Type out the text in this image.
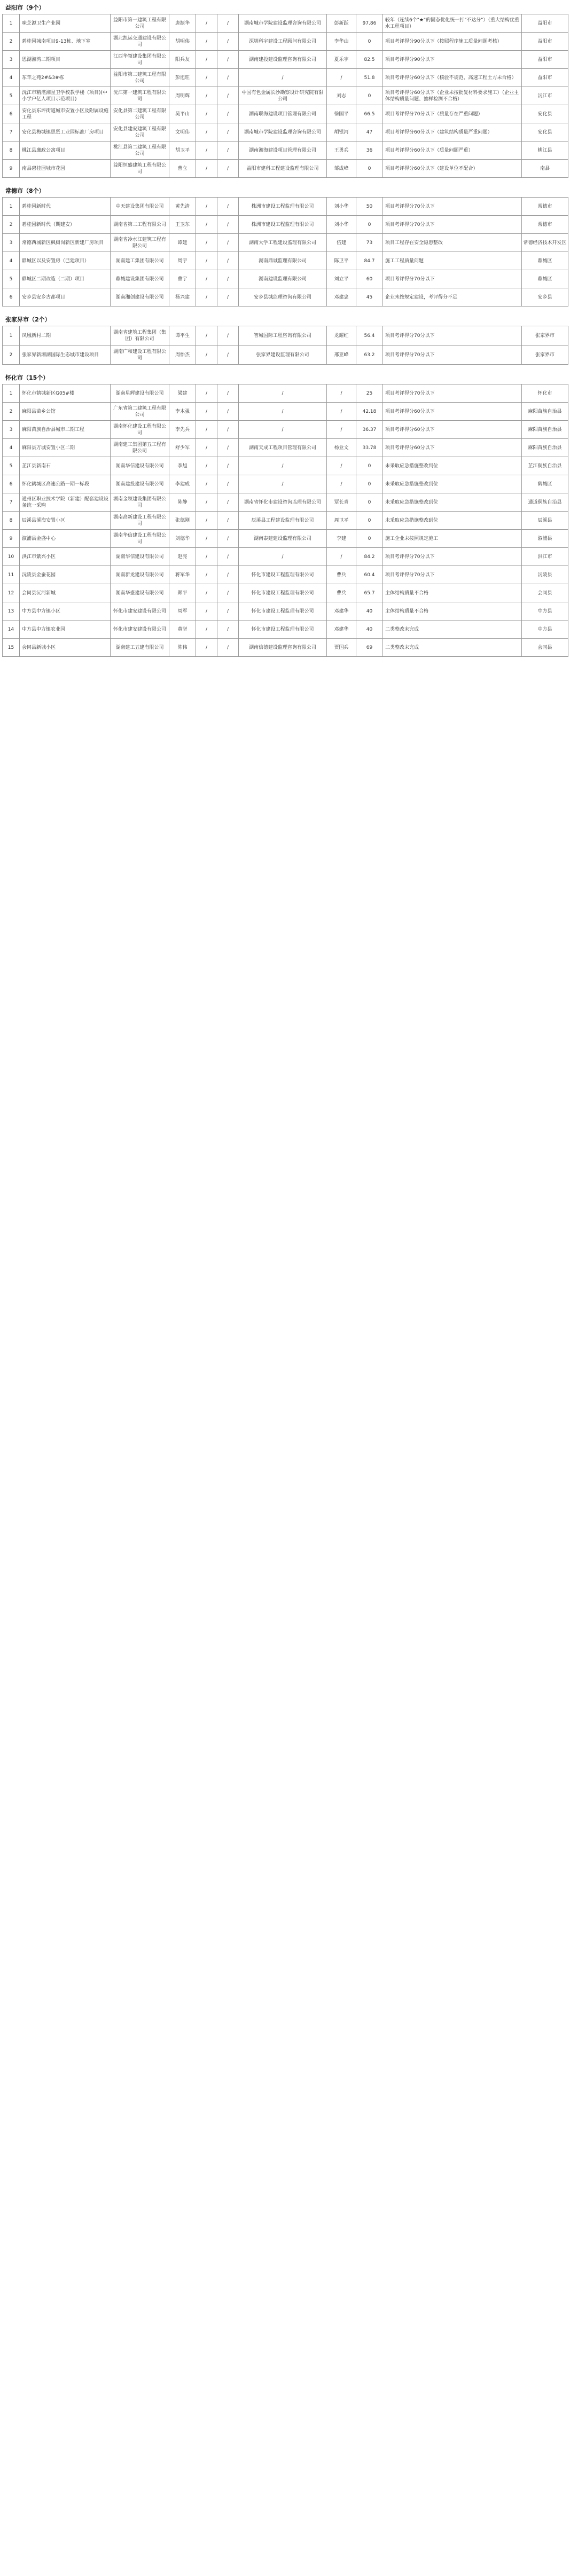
益阳市（9个）
1	味芝源卫生产业园	益阳市第一建筑工程有限公司	唐振华	/	/	湖南城市学院建设监理咨询有限公司	彭新跃	97.86	较年（连续6个"★"的固态优化统一打"不达分"）（重大结构优重水工程项目）	益阳市
2	碧桂园城南项目9-13栋、地下室	湖北凯运交通建设有限公司	胡明伟	/	/	深圳科宇建设工程顾问有限公司	李华山	0	项目考评得分90分以下（按照程序施工质量问题考核）	益阳市
3	恩湖湘湾二期项目	江西华领建设集团有限公司	阳兵友	/	/	湖南建投建设监理咨询有限公司	夏乐宇	82.5	项目考评得分90分以下	益阳市
4	东苹之苑2#&3#栋	益阳市第二建筑工程有限公司	彭旭旺	/	/	/	/	51.8	项目考评得分60分以下（核验不规范、高速工程土方未合格）	益阳市
5	沅江市精湛湘星卫学校教学楼（项目)(中小学户亿人项目示范项目)	沅江第一建筑工程有限公司	周明辉	/	/	中国有色金属长沙勘察设计研究院有限公司	刘志	0	项目考评得分60分以下（企业未按批复材料要求施工）（企业主体结构质量问题、抽样检测不合格）	沅江市
6	安化县东坪街道城市安置小区及附属设施工程	安化县第二建筑工程有限公司	吴平山	/	/	湖南联海建设项目管理有限公司	徐国平	66.5	项目考评得分70分以下（质量存在严重问题）	安化县
7	安化县梅城镇思贤工业园标准厂房项目	安化县建安建筑工程有限公司	文明伟	/	/	湖南城市学院建设监理咨询有限公司	胡银河	47	项目考评得分60分以下（建筑结构质量严重问题）	安化县
8	桃江县廉政公寓项目	桃江县第二建筑工程有限公司	胡卫平	/	/	湖南湘海建设项目管理有限公司	王勇兵	36	项目考评得分60分以下（质量问题严重）	桃江县
9	南县碧桂园城市花园	益阳恒盛建筑工程有限公司	曹立	/	/	益阳市建科工程建设监理有限公司	邹成峰	0	项目考评得分60分以下（建设单位不配合）	南县
常德市（8个）
1	碧桂园新时代	中天建设集团有限公司	黄先清	/	/	株洲市建设工程监理有限公司	刘小华	50	项目考评得分70分以下	常德市
2	碧桂园新时代（期建安）	湖南省第二工程有限公司	王卫东	/	/	株洲市建设工程监理有限公司	刘小华	0	项目考评得分70分以下	常德市
3	常德西城新区枫树岗新区新建厂房项目	湖南省冷水江建筑工程有限公司	谭建	/	/	湖南大学工程建设监理有限公司	伍建	73	项目工程存在安全隐患整改	常德经济技术开发区
4	鼎城区以及安置房（已建项目）	湖南建工集团有限公司	周宇	/	/	湖南鼎诚监理有限公司	陈卫平	84.7	施工工程质量问题	鼎城区
5	鼎城区二期改造（二期）项目	鼎城建设集团有限公司	曹宁	/	/	湖南建设监理有限公司	刘立平	60	项目考评得分70分以下	鼎城区
6	安乡县安乡古都项目	湖南湘创建设有限公司	杨兴建	/	/	安乡县城监理咨询有限公司	邓建忠	45	企业未按规定建设，考评得分不足	安乡县
张家界市（2个）
1	凤凰新村二期	湖南省建筑工程集团（集团）有限公司	谭平生	/	/	智城国际工程咨询有限公司	龙耀红	56.4	项目考评得分70分以下	张家界市
2	张家界新湘湖国际生态城市建设项目	湖南广和建设工程有限公司	周怡杰	/	/	张家界建设监理有限公司	邢亚峰	63.2	项目考评得分70分以下	张家界市
怀化市（15个）
1	怀化市鹤城新区G05#楼	湖南星辉建设有限公司	梁建	/	/	/	/	25	项目考评得分70分以下	怀化市
2	麻阳县苗乡公馆	广东省第二建筑工程有限公司	李木强	/	/	/	/	42.18	项目考评得分60分以下	麻阳苗族自治县
3	麻阳苗族自治县城市二期工程	湖南怀化建设工程有限公司	李先兵	/	/	/	/	36.37	项目考评得分60分以下	麻阳苗族自治县
4	麻阳县万城安置小区二期	湖南建工集团第五工程有限公司	舒少军	/	/	湖南天成工程项目管理有限公司	杨业文	33.78	项目考评得分60分以下	麻阳苗族自治县
5	芷江县新南石	湖南华信建设有限公司	李旭	/	/	/	/	0	未采取应急措施整改到位	芷江侗族自治县
6	怀化鹤城区高速公路一期一标段	湖南建投建设有限公司	李建成	/	/	/	/	0	未采取应急措施整改到位	鹤城区
7	通州区职业技术学院（新建）配套建设设备统一采购	湖南金领建设集团有限公司	陈静	/	/	湖南省怀化市建设咨询监理有限公司	覃长青	0	未采取应急措施整改到位	通道侗族自治县
8	辰溪县溪海安置小区	湖南高新建设工程有限公司	张德刚	/	/	辰溪县工程建设监理有限公司	周卫平	0	未采取应急措施整改到位	辰溪县
9	溆浦县金盛中心	湖南华信建设工程有限公司	刘德华	/	/	湖南泰建建设监理有限公司	李建	0	施工企业未按照规定施工	溆浦县
10	洪江市紫兴小区	湖南华信建设有限公司	赵亮	/	/	/	/	84.2	项目考评得分70分以下	洪江市
11	沅陵县金蚕花园	湖南新龙建设有限公司	蒋军华	/	/	怀化市建设工程监理有限公司	曹兵	60.4	项目考评得分70分以下	沅陵县
12	会同县沅河新城	湖南华盛建设有限公司	郑平	/	/	怀化市建设工程监理有限公司	曹兵	65.7	主体结构质量不合格	会同县
13	中方县中方镇小区	怀化市建安建设有限公司	周军	/	/	怀化市建设工程监理有限公司	邓建华	40	主体结构质量不合格	中方县
14	中方县中方镇农业园	怀化市建安建设有限公司	黄坚	/	/	怀化市建设工程监理有限公司	邓建华	40	二类整改未完成	中方县
15	会同县新城小区	湖南建工五建有限公司	陈伟	/	/	湖南信德建设监理咨询有限公司	贾国兵	69	二类整改未完成	会同县
